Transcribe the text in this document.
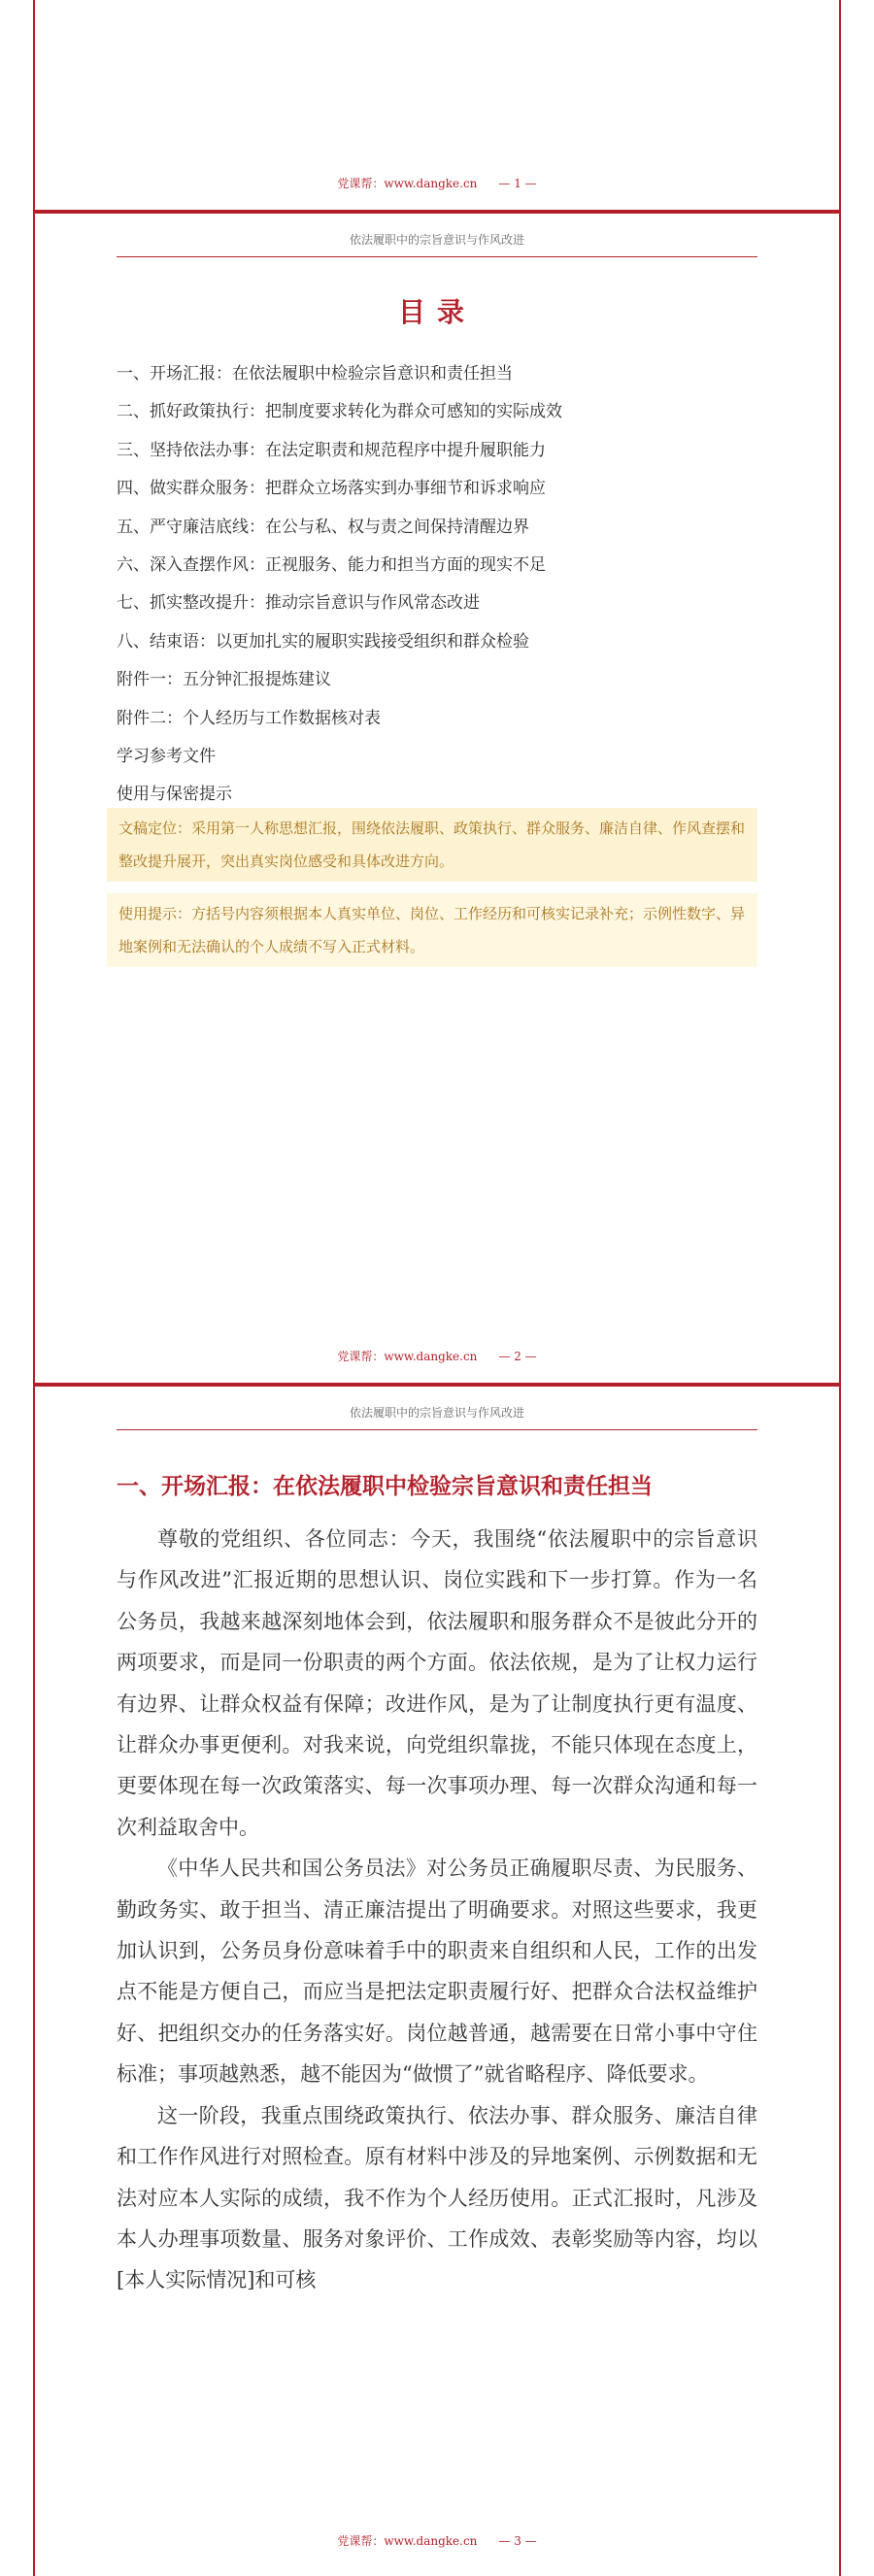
党课帮：www.dangke.cn — 1 —
依法履职中的宗旨意识与作风改进
目录
一、开场汇报：在依法履职中检验宗旨意识和责任担当
二、抓好政策执行：把制度要求转化为群众可感知的实际成效
三、坚持依法办事：在法定职责和规范程序中提升履职能力
四、做实群众服务：把群众立场落实到办事细节和诉求响应
五、严守廉洁底线：在公与私、权与责之间保持清醒边界
六、深入查摆作风：正视服务、能力和担当方面的现实不足
七、抓实整改提升：推动宗旨意识与作风常态改进
八、结束语：以更加扎实的履职实践接受组织和群众检验
附件一：五分钟汇报提炼建议
附件二：个人经历与工作数据核对表
学习参考文件
使用与保密提示
文稿定位：采用第一人称思想汇报，围绕依法履职、政策执行、群众服务、廉洁自律、作风查摆和整改提升展开，突出真实岗位感受和具体改进方向。
使用提示：方括号内容须根据本人真实单位、岗位、工作经历和可核实记录补充；示例性数字、异地案例和无法确认的个人成绩不写入正式材料。
党课帮：www.dangke.cn — 2 —
依法履职中的宗旨意识与作风改进
一、开场汇报：在依法履职中检验宗旨意识和责任担当

尊敬的党组织、各位同志：今天，我围绕“依法履职中的宗旨意识与作风改进”汇报近期的思想认识、岗位实践和下一步打算。作为一名公务员，我越来越深刻地体会到，依法履职和服务群众不是彼此分开的两项要求，而是同一份职责的两个方面。依法依规，是为了让权力运行有边界、让群众权益有保障；改进作风，是为了让制度执行更有温度、让群众办事更便利。对我来说，向党组织靠拢，不能只体现在态度上，更要体现在每一次政策落实、每一次事项办理、每一次群众沟通和每一次利益取舍中。

《中华人民共和国公务员法》对公务员正确履职尽责、为民服务、勤政务实、敢于担当、清正廉洁提出了明确要求。对照这些要求，我更加认识到，公务员身份意味着手中的职责来自组织和人民，工作的出发点不能是方便自己，而应当是把法定职责履行好、把群众合法权益维护好、把组织交办的任务落实好。岗位越普通，越需要在日常小事中守住标准；事项越熟悉，越不能因为“做惯了”就省略程序、降低要求。

这一阶段，我重点围绕政策执行、依法办事、群众服务、廉洁自律和工作作风进行对照检查。原有材料中涉及的异地案例、示例数据和无法对应本人实际的成绩，我不作为个人经历使用。正式汇报时，凡涉及本人办理事项数量、服务对象评价、工作成效、表彰奖励等内容，均以[本人实际情况]和可核

党课帮：www.dangke.cn — 3 —
